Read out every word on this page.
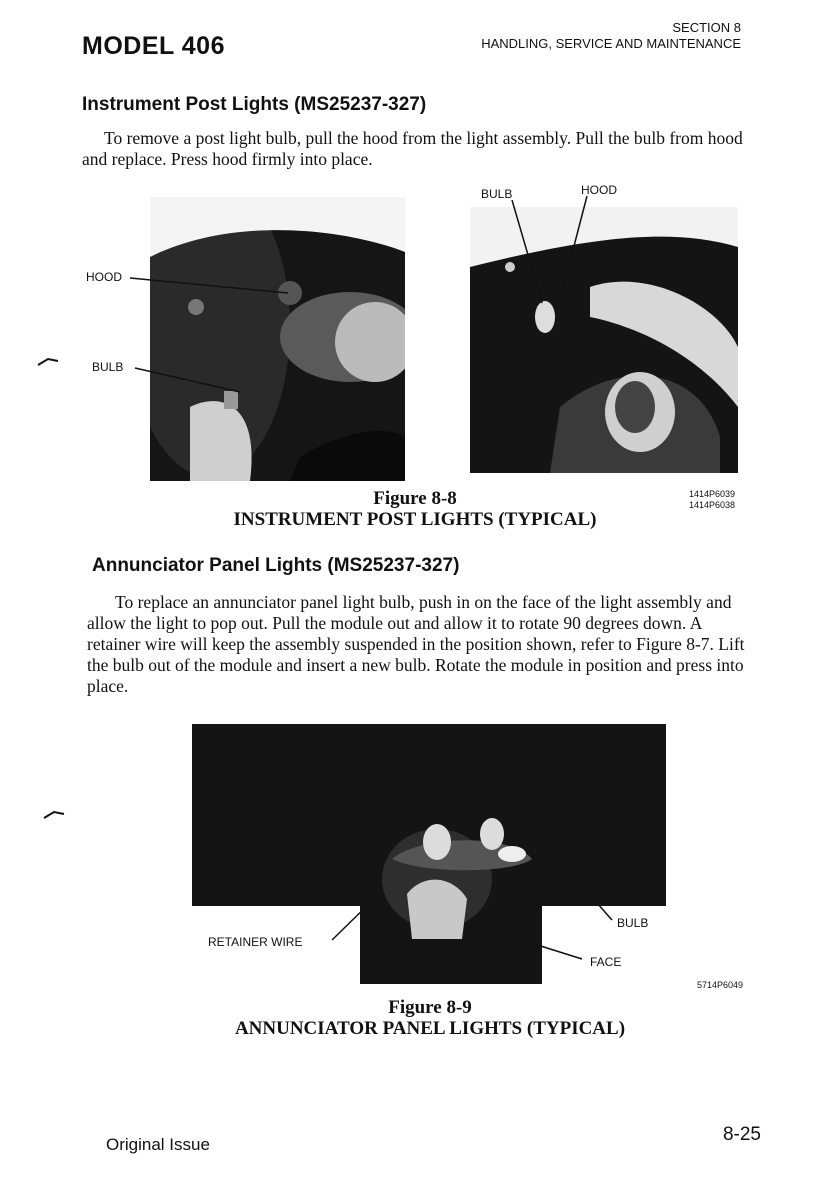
MODEL 406
SECTION 8
HANDLING, SERVICE AND MAINTENANCE
Instrument Post Lights (MS25237-327)
To remove a post light bulb, pull the hood from the light assembly. Pull the bulb from hood and replace. Press hood firmly into place.
HOOD
BULB
BULB	HOOD
Figure 8-8
INSTRUMENT POST LIGHTS (TYPICAL)
1414P6039
1414P6038
Annunciator Panel Lights (MS25237-327)
To replace an annunciator panel light bulb, push in on the face of the light assembly and allow the light to pop out. Pull the module out and allow it to rotate 90 degrees down. A retainer wire will keep the assembly suspended in the position shown, refer to Figure 8-7. Lift the bulb out of the module and insert a new bulb. Rotate the module in position and press into place.
RETAINER WIRE
BULB
FACE
5714P6049
Figure 8-9
ANNUNCIATOR PANEL LIGHTS (TYPICAL)
Original Issue	8-25
